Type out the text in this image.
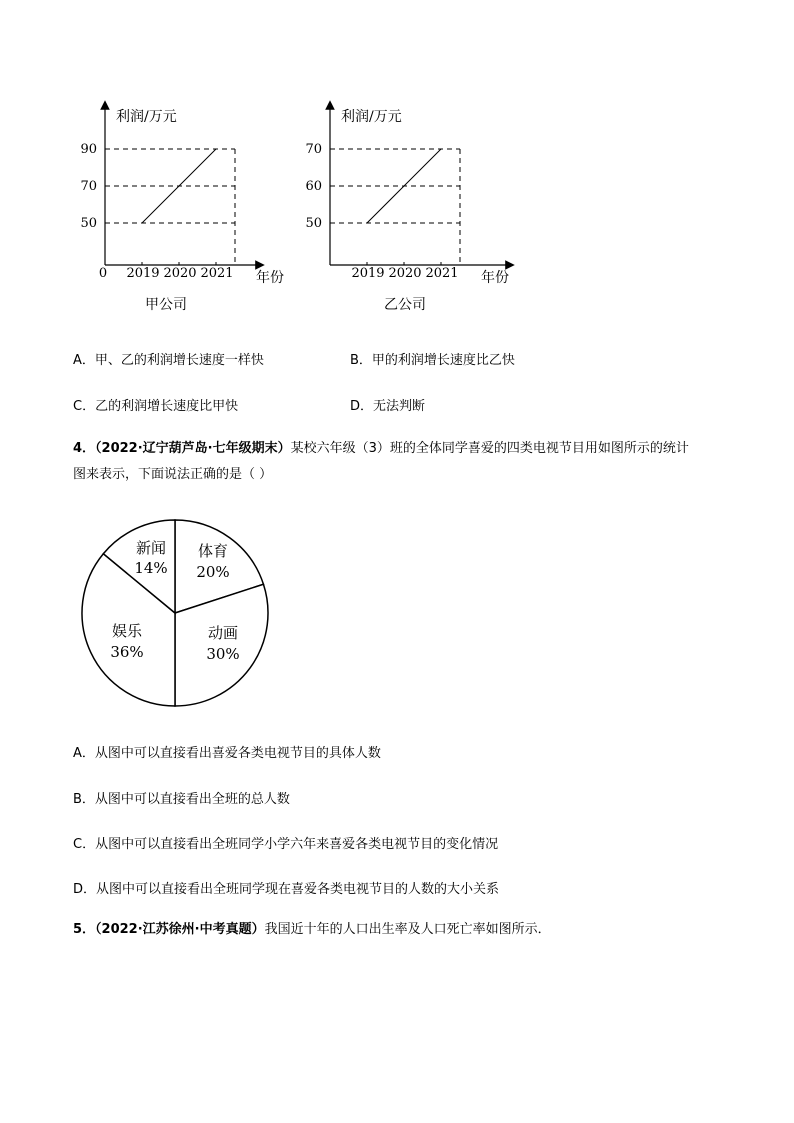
利润/万元
年份
0
90
70
50
2019 2020 2021
甲公司
利润/万元
年份
70
60
50
2019 2020 2021
乙公司
A．甲、乙的利润增长速度一样快	B．甲的利润增长速度比乙快
C．乙的利润增长速度比甲快	D．无法判断
4．（2022·辽宁葫芦岛·七年级期末）某校六年级（3）班的全体同学喜爱的四类电视节目用如图所示的统计
图来表示，下面说法正确的是（ ）
体育
20%
动画
30%
娱乐
36%
新闻
14%
A．从图中可以直接看出喜爱各类电视节目的具体人数
B．从图中可以直接看出全班的总人数
C．从图中可以直接看出全班同学小学六年来喜爱各类电视节目的变化情况
D．从图中可以直接看出全班同学现在喜爱各类电视节目的人数的大小关系
5．（2022·江苏徐州·中考真题）我国近十年的人口出生率及人口死亡率如图所示．
